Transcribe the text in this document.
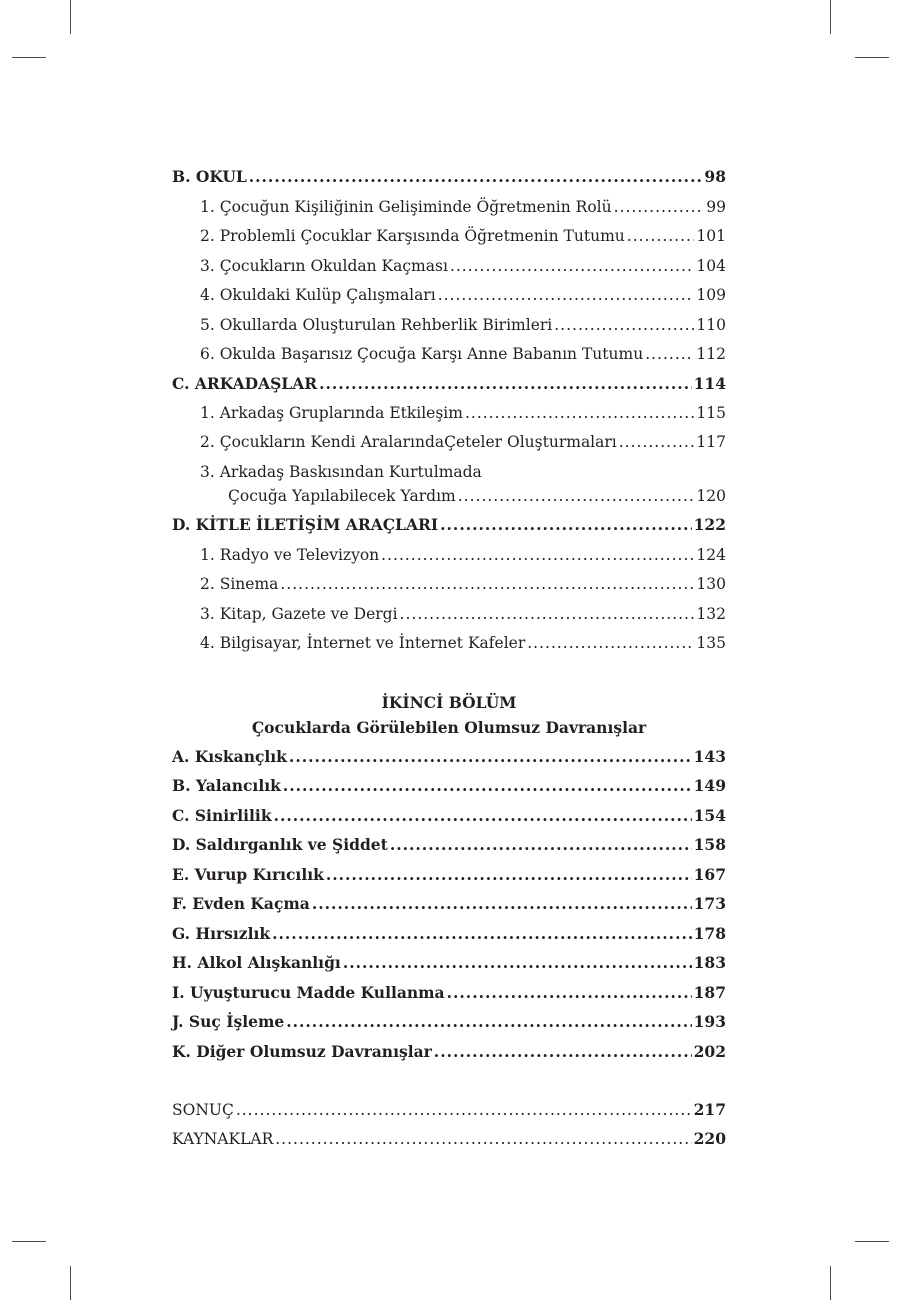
B. OKUL .....	98
1. Çocuğun Kişiliğinin Gelişiminde Öğretmenin Rolü .....	99
2. Problemli Çocuklar Karşısında Öğretmenin Tutumu .....	101
3. Çocukların Okuldan Kaçması .....	104
4. Okuldaki Kulüp Çalışmaları .....	109
5. Okullarda Oluşturulan Rehberlik Birimleri .....	110
6. Okulda Başarısız Çocuğa Karşı Anne Babanın Tutumu .....	112
C. ARKADAŞLAR .....	114
1. Arkadaş Gruplarında Etkileşim .....	115
2. Çocukların Kendi AralarındaÇeteler Oluşturmaları .....	117
3. Arkadaş Baskısından Kurtulmada
Çocuğa Yapılabilecek Yardım .....	120
D. KİTLE İLETİŞİM ARAÇLARI .....	122
1. Radyo ve Televizyon .....	124
2. Sinema .....	130
3. Kitap, Gazete ve Dergi .....	132
4. Bilgisayar, İnternet ve İnternet Kafeler .....	135
İKİNCİ BÖLÜM
Çocuklarda Görülebilen Olumsuz Davranışlar
A. Kıskançlık .....	143
B. Yalancılık .....	149
C. Sinirlilik .....	154
D. Saldırganlık ve Şiddet .....	158
E. Vurup Kırıcılık .....	167
F. Evden Kaçma .....	173
G. Hırsızlık .....	178
H. Alkol Alışkanlığı .....	183
I. Uyuşturucu Madde Kullanma .....	187
J. Suç İşleme .....	193
K. Diğer Olumsuz Davranışlar .....	202
SONUÇ .....	217
KAYNAKLAR .....	220
